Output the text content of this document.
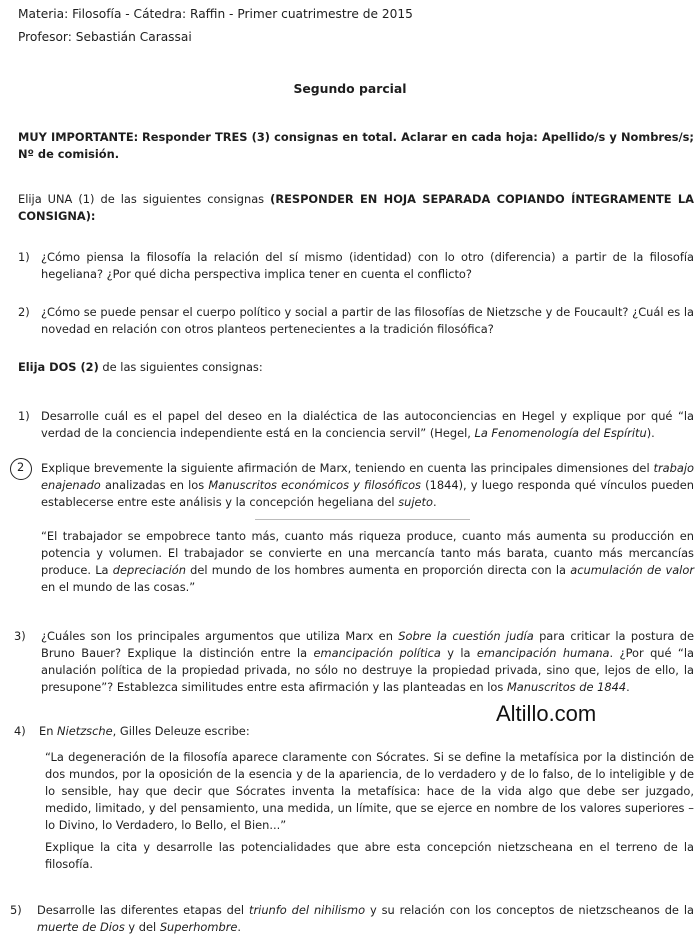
Materia: Filosofía - Cátedra: Raffin - Primer cuatrimestre de 2015

Profesor: Sebastián Carassai

Segundo parcial

MUY IMPORTANTE: Responder TRES (3) consignas en total. Aclarar en cada hoja: Apellido/s y Nombres/s; Nº de comisión.

Elija UNA (1) de las siguientes consignas (RESPONDER EN HOJA SEPARADA COPIANDO ÍNTEGRAMENTE LA CONSIGNA):

1) ¿Cómo piensa la filosofía la relación del sí mismo (identidad) con lo otro (diferencia) a partir de la filosofía hegeliana? ¿Por qué dicha perspectiva implica tener en cuenta el conflicto?

2) ¿Cómo se puede pensar el cuerpo político y social a partir de las filosofías de Nietzsche y de Foucault? ¿Cuál es la novedad en relación con otros planteos pertenecientes a la tradición filosófica?

Elija DOS (2) de las siguientes consignas:

1) Desarrolle cuál es el papel del deseo en la dialéctica de las autoconciencias en Hegel y explique por qué “la verdad de la conciencia independiente está en la conciencia servil” (Hegel, La Fenomenología del Espíritu).

2 Explique brevemente la siguiente afirmación de Marx, teniendo en cuenta las principales dimensiones del trabajo enajenado analizadas en los Manuscritos económicos y filosóficos (1844), y luego responda qué vínculos pueden establecerse entre este análisis y la concepción hegeliana del sujeto.

“El trabajador se empobrece tanto más, cuanto más riqueza produce, cuanto más aumenta su producción en potencia y volumen. El trabajador se convierte en una mercancía tanto más barata, cuanto más mercancías produce. La depreciación del mundo de los hombres aumenta en proporción directa con la acumulación de valor en el mundo de las cosas.”

3) ¿Cuáles son los principales argumentos que utiliza Marx en Sobre la cuestión judía para criticar la postura de Bruno Bauer? Explique la distinción entre la emancipación política y la emancipación humana. ¿Por qué “la anulación política de la propiedad privada, no sólo no destruye la propiedad privada, sino que, lejos de ello, la presupone”? Establezca similitudes entre esta afirmación y las planteadas en los Manuscritos de 1844.

Altillo.com
4) En Nietzsche, Gilles Deleuze escribe:

“La degeneración de la filosofía aparece claramente con Sócrates. Si se define la metafísica por la distinción de dos mundos, por la oposición de la esencia y de la apariencia, de lo verdadero y de lo falso, de lo inteligible y de lo sensible, hay que decir que Sócrates inventa la metafísica: hace de la vida algo que debe ser juzgado, medido, limitado, y del pensamiento, una medida, un límite, que se ejerce en nombre de los valores superiores –lo Divino, lo Verdadero, lo Bello, el Bien...”

Explique la cita y desarrolle las potencialidades que abre esta concepción nietzscheana en el terreno de la filosofía.

5) Desarrolle las diferentes etapas del triunfo del nihilismo y su relación con los conceptos de nietzscheanos de la muerte de Dios y del Superhombre.
